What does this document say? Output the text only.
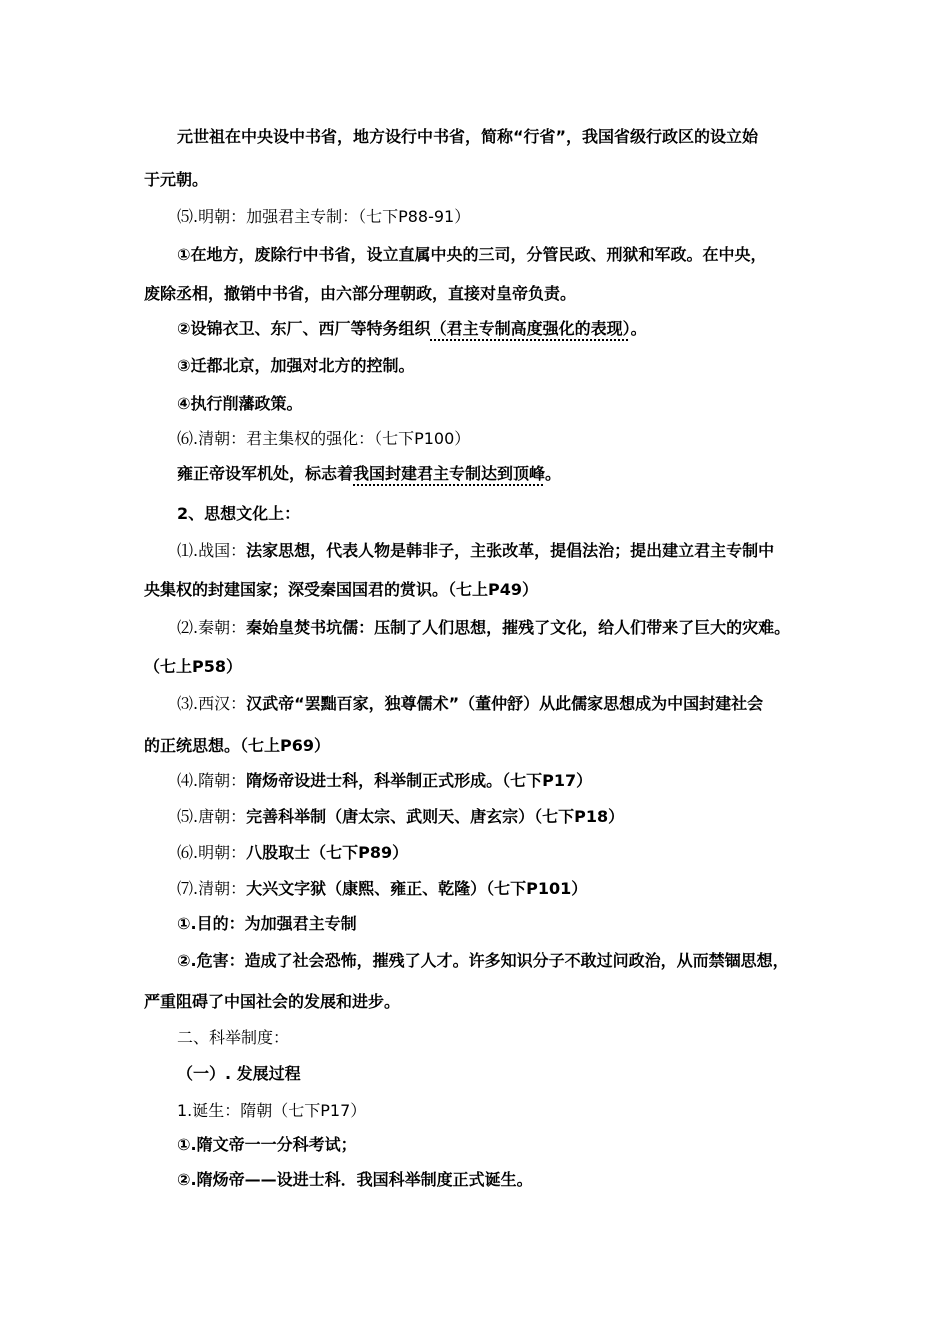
元世祖在中央设中书省，地方设行中书省，简称“行省”，我国省级行政区的设立始
于元朝。
⑸.明朝：加强君主专制：（七下P88-91）
①在地方，废除行中书省，设立直属中央的三司，分管民政、刑狱和军政。在中央，
废除丞相，撤销中书省，由六部分理朝政，直接对皇帝负责。
②设锦衣卫、东厂、西厂等特务组织（君主专制高度强化的表现）。
③迁都北京，加强对北方的控制。
④执行削藩政策。
⑹.清朝：君主集权的强化：（七下P100）
雍正帝设军机处，标志着我国封建君主专制达到顶峰。
2、思想文化上：
⑴.战国：法家思想，代表人物是韩非子，主张改革，提倡法治；提出建立君主专制中
央集权的封建国家；深受秦国国君的赏识。（七上P49）
⑵.秦朝：秦始皇焚书坑儒：压制了人们思想，摧残了文化，给人们带来了巨大的灾难。
（七上P58）
⑶.西汉：汉武帝“罢黜百家，独尊儒术”（董仲舒）从此儒家思想成为中国封建社会
的正统思想。（七上P69）
⑷.隋朝：隋炀帝设进士科，科举制正式形成。（七下P17）
⑸.唐朝：完善科举制（唐太宗、武则天、唐玄宗）（七下P18）
⑹.明朝：八股取士（七下P89）
⑺.清朝：大兴文字狱（康熙、雍正、乾隆）（七下P101）
①.目的：为加强君主专制
②.危害：造成了社会恐怖，摧残了人才。许多知识分子不敢过问政治，从而禁锢思想，
严重阻碍了中国社会的发展和进步。
二、科举制度：
（一）. 发展过程
1.诞生：隋朝（七下P17）
①.隋文帝一一分科考试；
②.隋炀帝——设进士科．我国科举制度正式诞生。
